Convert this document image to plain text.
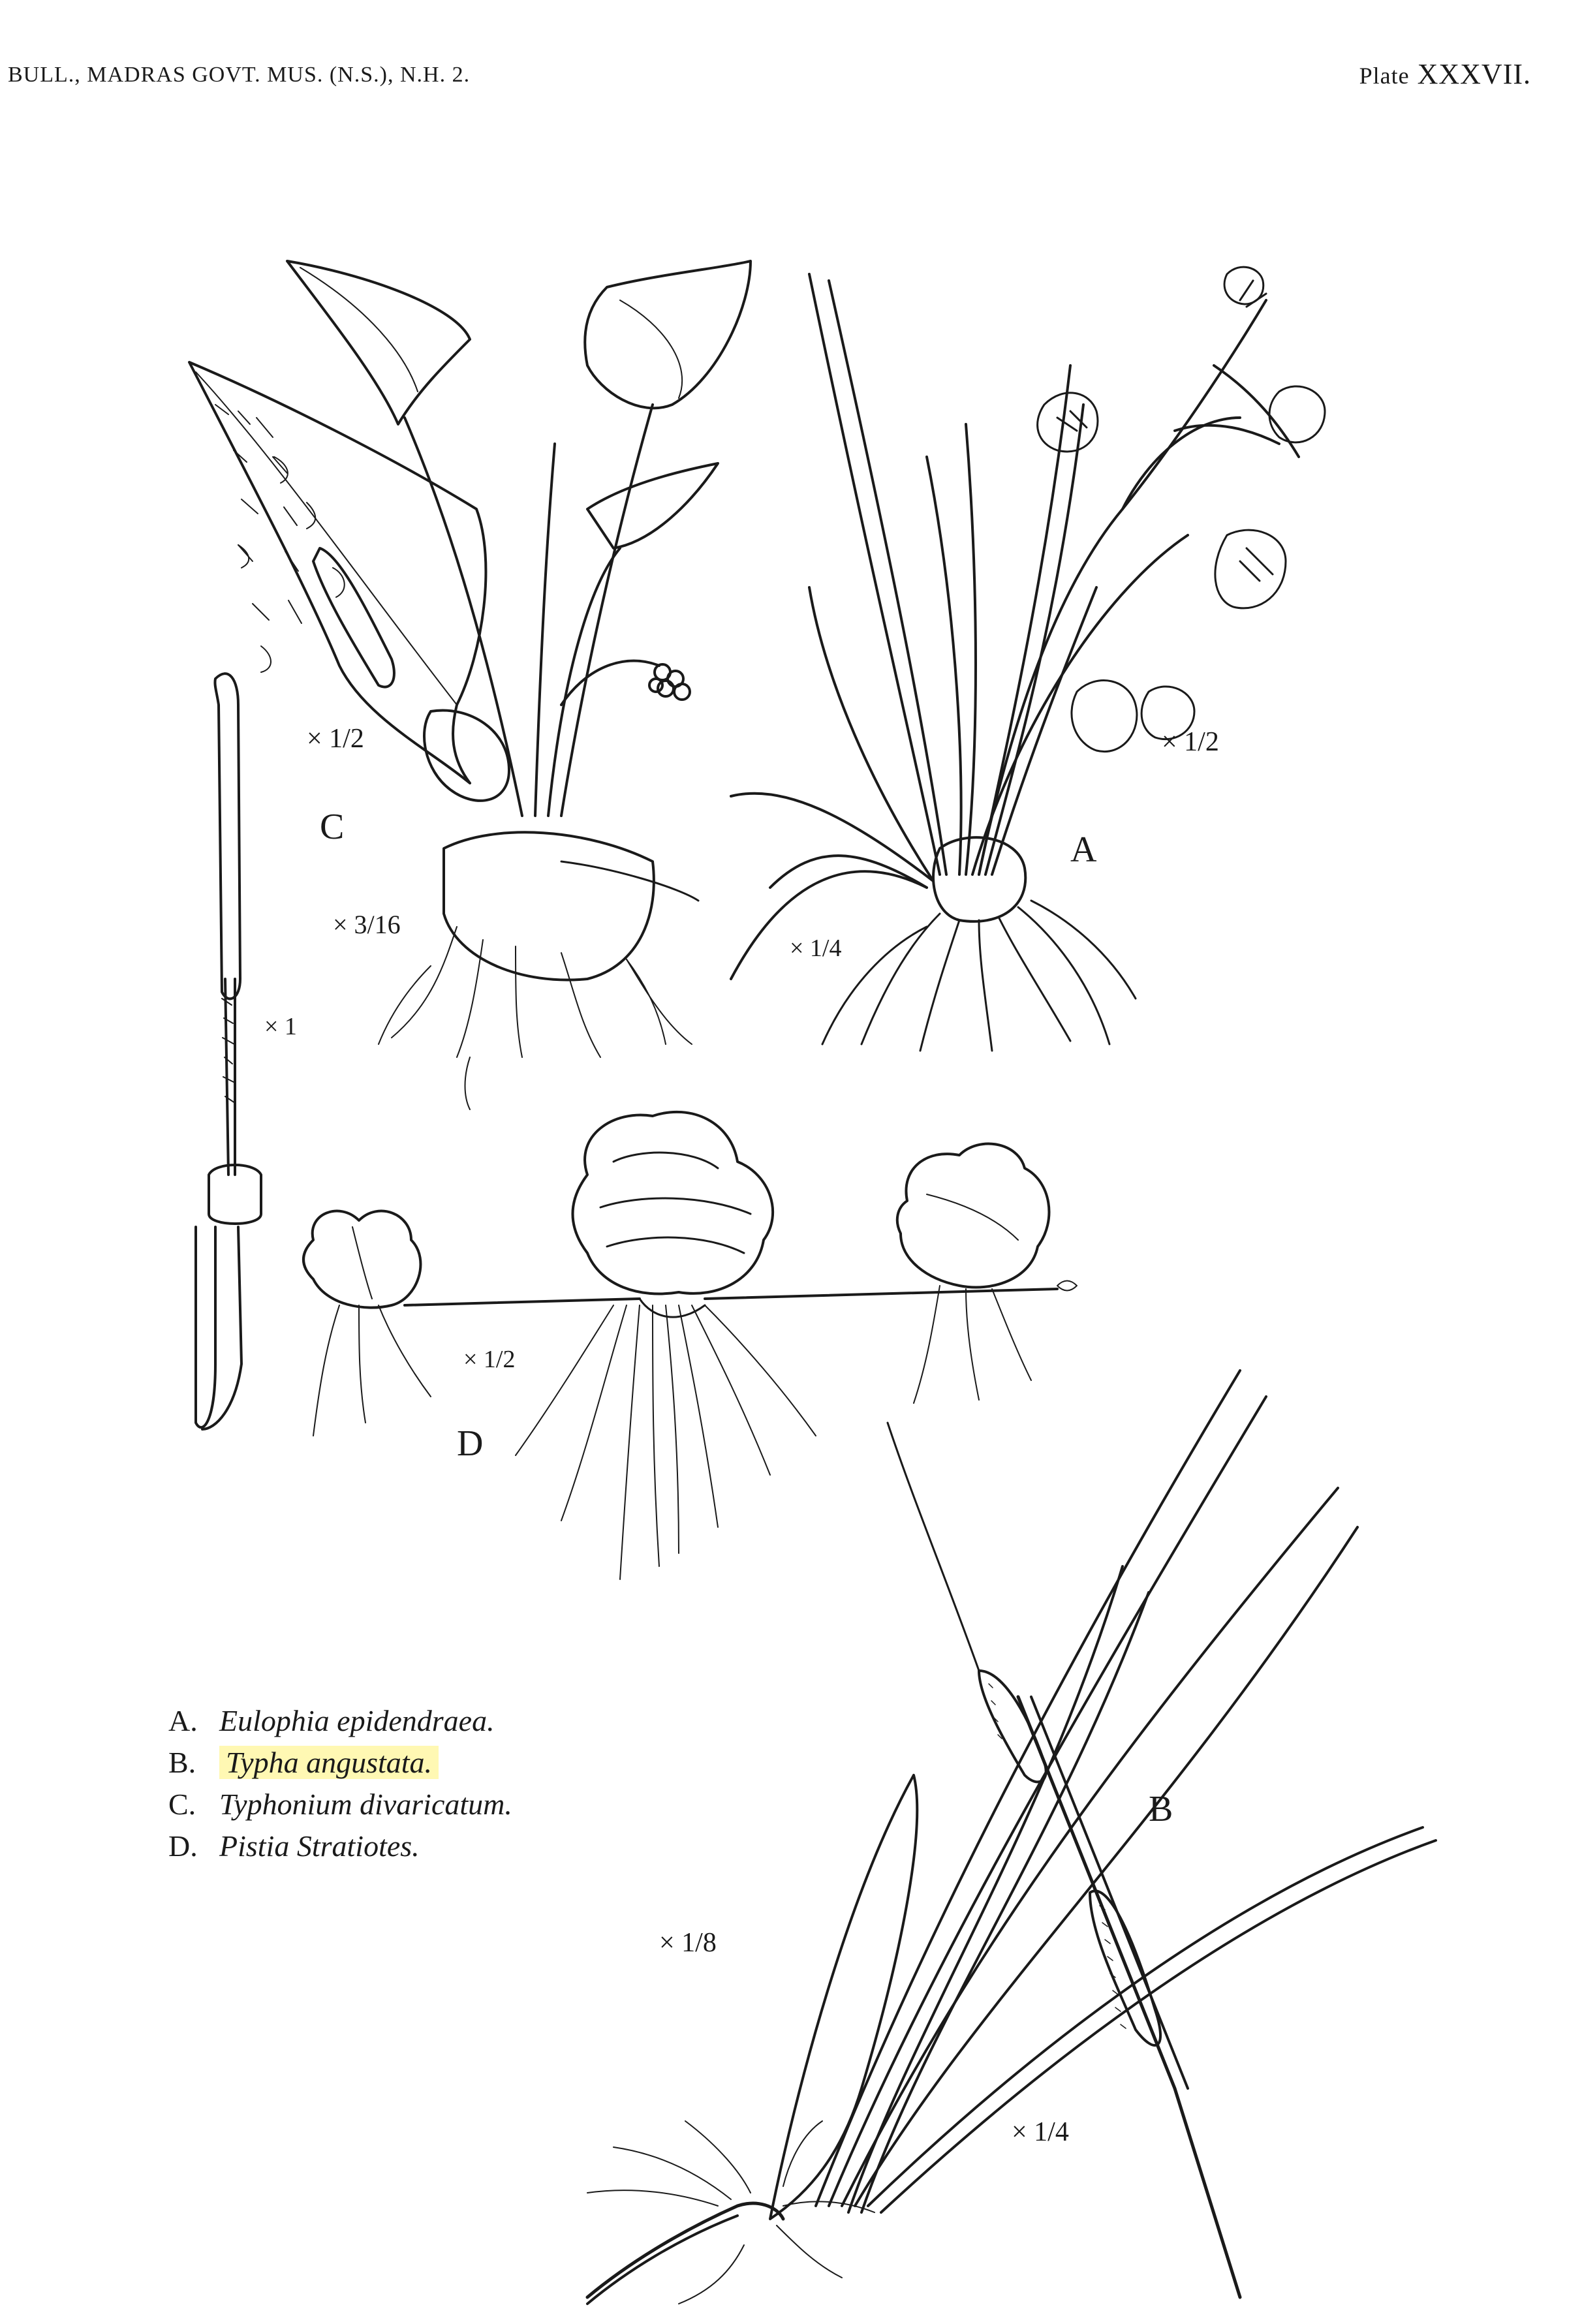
BULL., MADRAS GOVT. MUS. (N.S.), N.H. 2.	Plate XXXVII.
C
A
D
B
× 1/2
× 3/16
× 1
× 1/2
× 1/4
× 1/2
× 1/8
× 1/4
A. Eulophia epidendraea.
B. Typha angustata.
C. Typhonium divaricatum.
D. Pistia Stratiotes.
